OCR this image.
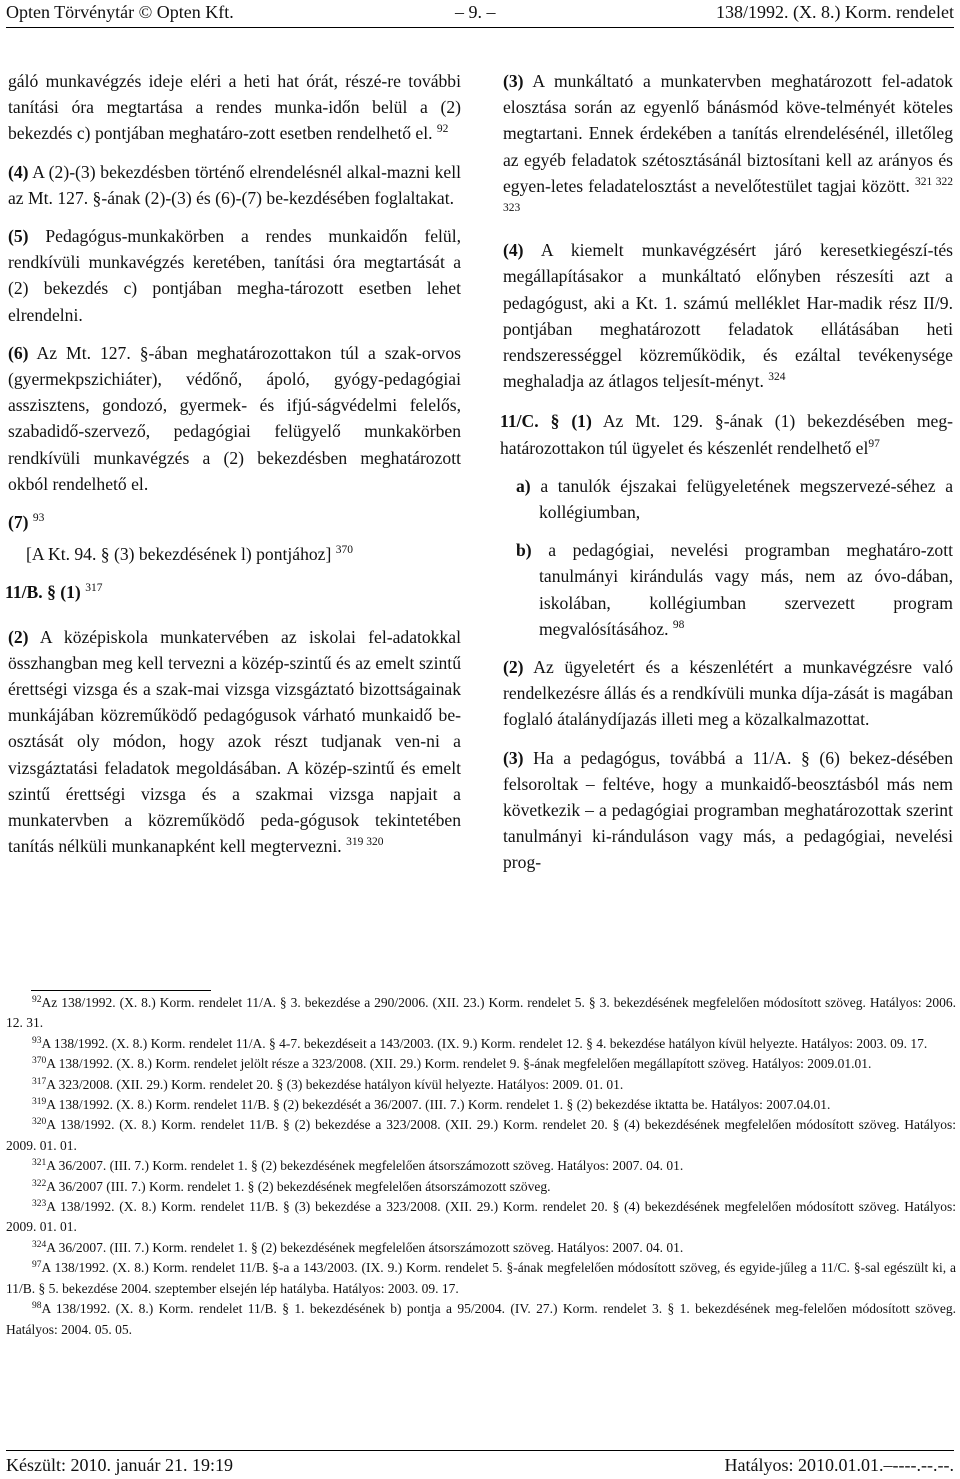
Opten Törvénytár © Opten Kft.	– 9. –	138/1992. (X. 8.) Korm. rendelet

gáló munkavégzés ideje eléri a heti hat órát, részé-re további tanítási óra megtartása a rendes munka-időn belül a (2) bekezdés c) pontjában meghatáro-zott esetben rendelhető el. $^{92}$

(4) A (2)-(3) bekezdésben történő elrendelésnél alkal-mazni kell az Mt. 127. §-ának (2)-(3) és (6)-(7) be-kezdésében foglaltakat.

(5) Pedagógus-munkakörben a rendes munkaidőn felül, rendkívüli munkavégzés keretében, tanítási óra megtartását a (2) bekezdés c) pontjában megha-tározott esetben lehet elrendelni.

(6) Az Mt. 127. §-ában meghatározottakon túl a szak-orvos (gyermekpszichiáter), védőnő, ápoló, gyógy-pedagógiai asszisztens, gondozó, gyermek- és ifjú-ságvédelmi felelős, szabadidő-szervező, pedagógiai felügyelő munkakörben rendkívüli munkavégzés a (2) bekezdésben meghatározott okból rendelhető el.

(7) $^{93}$

[A Kt. 94. § (3) bekezdésének l) pontjához] $^{370}$

11/B. § (1) $^{317}$

(2) A középiskola munkatervében az iskolai fel-adatokkal összhangban meg kell tervezni a közép-szintű és az emelt szintű érettségi vizsga és a szak-mai vizsga vizsgáztató bizottságainak munkájában közreműködő pedagógusok várható munkaidő be-osztását oly módon, hogy azok részt tudjanak ven-ni a vizsgáztatási feladatok megoldásában. A közép-szintű és emelt szintű érettségi vizsga és a szakmai vizsga napjait a munkatervben a közreműködő peda-gógusok tekintetében tanítás nélküli munkanapként kell megtervezni. $^{319 320}$

(3) A munkáltató a munkatervben meghatározott fel-adatok elosztása során az egyenlő bánásmód köve-telményét köteles megtartani. Ennek érdekében a tanítás elrendelésénél, illetőleg az egyéb feladatok szétosztásánál biztosítani kell az arányos és egyen-letes feladatelosztást a nevelőtestület tagjai között. $^{321 322 323}$

(4) A kiemelt munkavégzésért járó keresetkiegészí-tés megállapításakor a munkáltató előnyben részesíti azt a pedagógust, aki a Kt. 1. számú melléklet Har-madik rész II/9. pontjában meghatározott feladatok ellátásában heti rendszerességgel közreműködik, és ezáltal tevékenysége meghaladja az átlagos teljesít-ményt. $^{324}$

11/C. § (1) Az Mt. 129. §-ának (1) bekezdésében meg-határozottakon túl ügyelet és készenlét rendelhető $el^{97}$

a) a tanulók éjszakai felügyeletének megszervezé-séhez a kollégiumban,

b) a pedagógiai, nevelési programban meghatáro-zott tanulmányi kirándulás vagy más, nem az óvo-dában, iskolában, kollégiumban szervezett program megvalósításához. $^{98}$

(2) Az ügyeletért és a készenlétért a munkavégzésre való rendelkezésre állás és a rendkívüli munka díja-zását is magában foglaló átalánydíjazás illeti meg a közalkalmazottat.

(3) Ha a pedagógus, továbbá a 11/A. § (6) bekez-désében felsoroltak – feltéve, hogy a munkaidő-beosztásból más nem következik – a pedagógiai programban meghatározottak szerint tanulmányi ki-ránduláson vagy más, a pedagógiai, nevelési prog-

$^{92}$Az 138/1992. (X. 8.) Korm. rendelet 11/A. § 3. bekezdése a 290/2006. (XII. 23.) Korm. rendelet 5. § 3. bekezdésének megfelelően módosított szöveg. Hatályos: 2006. 12. 31.

$^{93}$A 138/1992. (X. 8.) Korm. rendelet 11/A. § 4-7. bekezdéseit a 143/2003. (IX. 9.) Korm. rendelet 12. § 4. bekezdése hatályon kívül helyezte. Hatályos: 2003. 09. 17.

$^{370}$A 138/1992. (X. 8.) Korm. rendelet jelölt része a 323/2008. (XII. 29.) Korm. rendelet 9. §-ának megfelelően megállapított szöveg. Hatályos: 2009.01.01.

$^{317}$A 323/2008. (XII. 29.) Korm. rendelet 20. § (3) bekezdése hatályon kívül helyezte. Hatályos: 2009. 01. 01.

$^{319}$A 138/1992. (X. 8.) Korm. rendelet 11/B. § (2) bekezdését a 36/2007. (III. 7.) Korm. rendelet 1. § (2) bekezdése iktatta be. Hatályos: 2007.04.01.

$^{320}$A 138/1992. (X. 8.) Korm. rendelet 11/B. § (2) bekezdése a 323/2008. (XII. 29.) Korm. rendelet 20. § (4) bekezdésének megfelelően módosított szöveg. Hatályos: 2009. 01. 01.

$^{321}$A 36/2007. (III. 7.) Korm. rendelet 1. § (2) bekezdésének megfelelően átsorszámozott szöveg. Hatályos: 2007. 04. 01.

$^{322}$A 36/2007 (III. 7.) Korm. rendelet 1. § (2) bekezdésének megfelelően átsorszámozott szöveg.

$^{323}$A 138/1992. (X. 8.) Korm. rendelet 11/B. § (3) bekezdése a 323/2008. (XII. 29.) Korm. rendelet 20. § (4) bekezdésének megfelelően módosított szöveg. Hatályos: 2009. 01. 01.

$^{324}$A 36/2007. (III. 7.) Korm. rendelet 1. § (2) bekezdésének megfelelően átsorszámozott szöveg. Hatályos: 2007. 04. 01.

$^{97}$A 138/1992. (X. 8.) Korm. rendelet 11/B. §-a a 143/2003. (IX. 9.) Korm. rendelet 5. §-ának megfelelően módosított szöveg, és egyide-jűleg a 11/C. §-sal egészült ki, a 11/B. § 5. bekezdése 2004. szeptember elsején lép hatályba. Hatályos: 2003. 09. 17.

$^{98}$A 138/1992. (X. 8.) Korm. rendelet 11/B. § 1. bekezdésének b) pontja a 95/2004. (IV. 27.) Korm. rendelet 3. § 1. bekezdésének meg-felelően módosított szöveg. Hatályos: 2004. 05. 05.

Készült: 2010. január 21. 19:19	Hatályos: 2010.01.01.–----.--.--.
